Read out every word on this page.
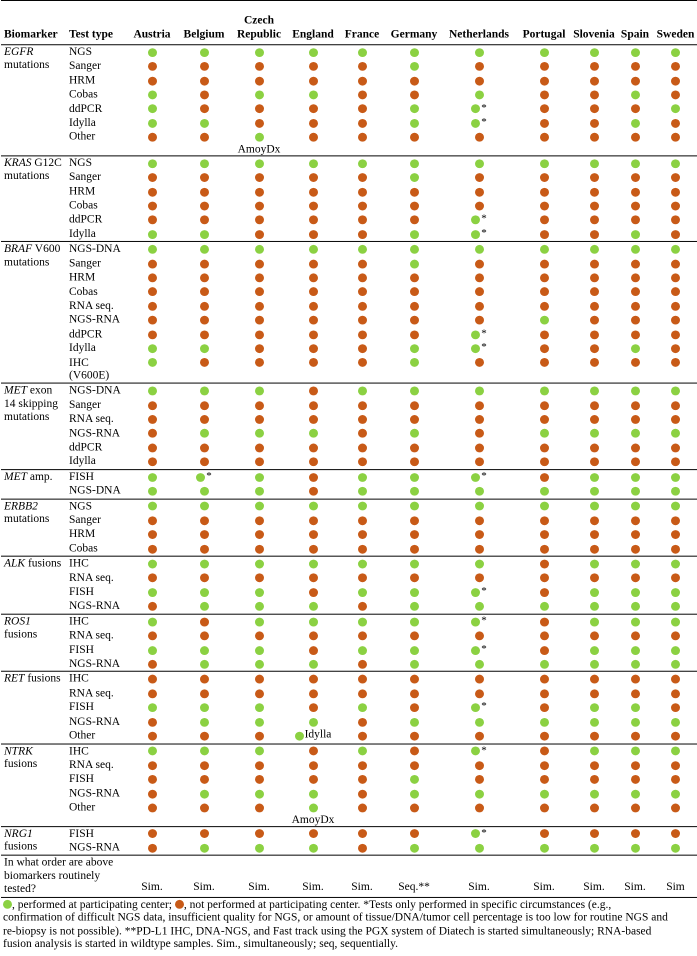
Biomarker	Test type	Austria	Belgium	Czech Republic	England	France	Germany	Netherlands	Portugal	Slovenia	Spain	Sweden
EGFR
mutations	NGS											
	Sanger											
	HRM											
	Cobas											
	ddPCR							*				
	Idylla							*				
	Other			AmoyDx								

KRAS G12C
mutations	NGS											
	Sanger											
	HRM											
	Cobas											
	ddPCR							*				
	Idylla							*				
BRAF V600
mutations	NGS-DNA											
	Sanger											
	HRM											
	Cobas											
	RNA seq.											
	NGS-RNA											
	ddPCR							*				
	Idylla							*				
	IHC (V600E)											
MET exon
14 skipping
mutations	NGS-DNA											
	Sanger											
	RNA seq.											
	NGS-RNA											
	ddPCR											
	Idylla											
MET amp.	FISH		*					*				
	NGS-DNA											
ERBB2
mutations	NGS											
	Sanger											
	HRM											
	Cobas											
ALK fusions	IHC											
	RNA seq.											
	FISH							*				
	NGS-RNA											
ROS1
fusions	IHC							*				
	RNA seq.											
	FISH							*				
	NGS-RNA											
RET fusions	IHC											
	RNA seq.											
	FISH							*				
	NGS-RNA											
	Other				Idylla							
NTRK
fusions	IHC							*				
	RNA seq.											
	FISH											
	NGS-RNA											
	Other				AmoyDx							

NRG1
fusions	FISH							*				
	NGS-RNA											
In what order are above biomarkers routinely tested?		Sim.	Sim.	Sim.	Sim.	Sim.	Seq.**	Sim.	Sim.	Sim.	Sim.	Sim
, performed at participating center; , not performed at participating center. *Tests only performed in specific circumstances (e.g., confirmation of difficult NGS data, insufficient quality for NGS, or amount of tissue/DNA/tumor cell percentage is too low for routine NGS and re-biopsy is not possible). **PD-L1 IHC, DNA-NGS, and Fast track using the PGX system of Diatech is started simultaneously; RNA-based fusion analysis is started in wildtype samples. Sim., simultaneously; seq, sequentially.
